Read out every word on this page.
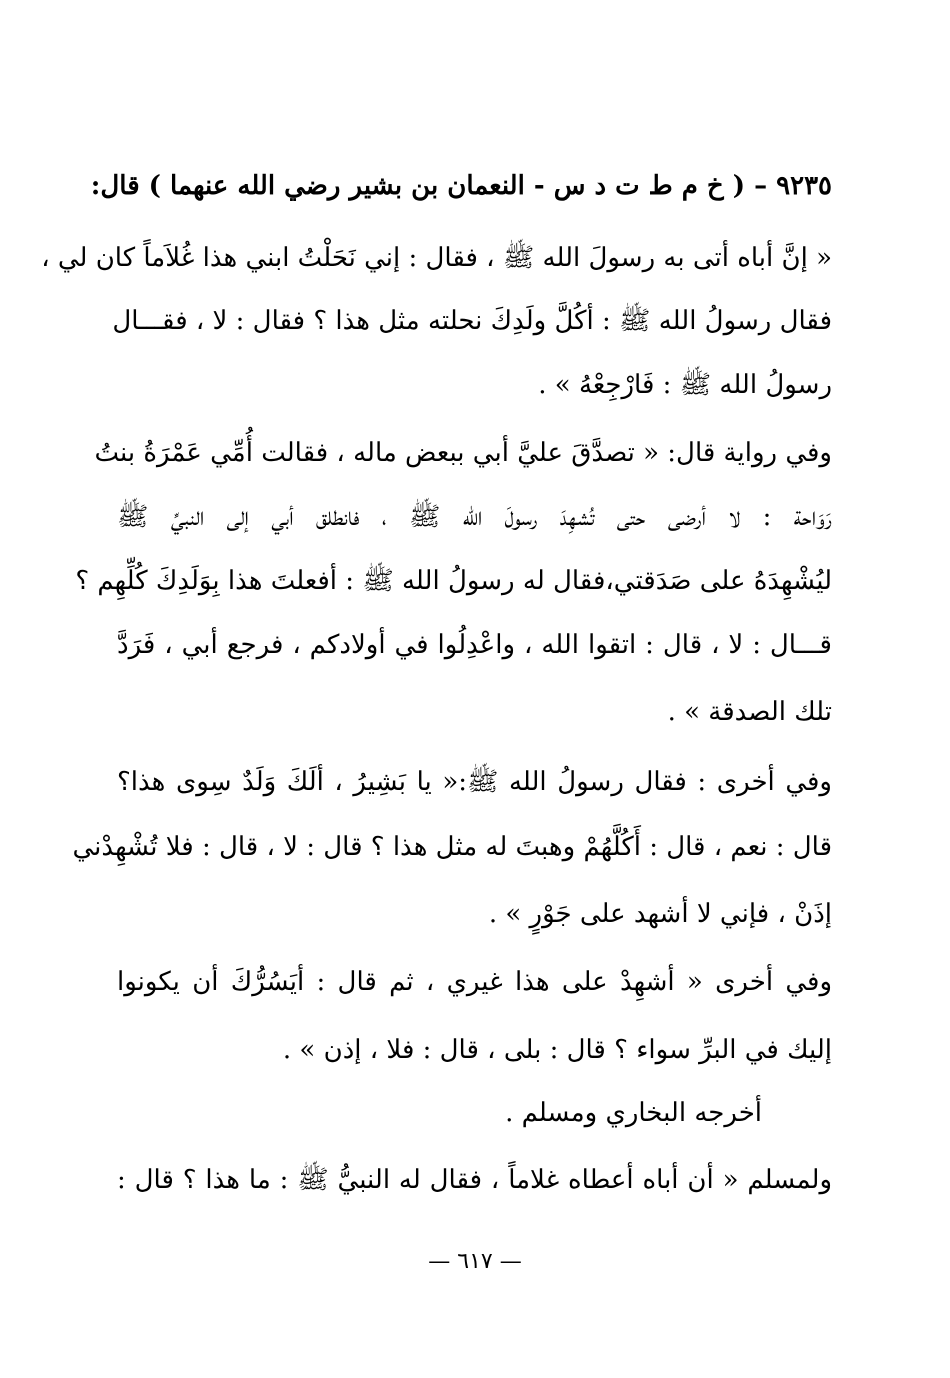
٩٢٣٥ – ( خ م ط ت د س - النعمان بن بشير رضي الله عنهما ) قال:
« إنَّ أباه أتى به رسولَ الله ﷺ ، فقال : إني نَحَلْتُ ابني هذا غُلاَماً كان لي ،
فقال رسولُ الله ﷺ : أكُلَّ ولَدِكَ نحلته مثل هذا ؟ فقال : لا ، فقـــال
رسولُ الله ﷺ : فَارْجِعْهُ » .
وفي رواية قال: « تصدَّقَ عليَّ أبي ببعض ماله ، فقالت أُمِّي عَمْرَةُ بنتُ
رَوَاحة : لا أرضى حتى تُشهِدَ رسولَ الله ﷺ ، فانطلق أبي إلى النبيِّ ﷺ
ليُشْهِدَهُ على صَدَقتي،فقال له رسولُ الله ﷺ : أفعلتَ هذا بِوَلَدِكَ كُلِّهِم ؟
قـــال : لا ، قال : اتقوا الله ، واعْدِلُوا في أولادكم ، فرجع أبي ، فَرَدَّ
تلك الصدقة » .
وفي أخرى : فقال رسولُ الله ﷺ:« يا بَشِيرُ ، ألَكَ وَلَدٌ سِوى هذا؟
قال : نعم ، قال : أَكُلَّهُمْ وهبتَ له مثل هذا ؟ قال : لا ، قال : فلا تُشْهِدْني
إذَنْ ، فإني لا أشهد على جَوْرٍ » .
وفي أخرى « أشهِدْ على هذا غيري ، ثم قال : أيَسُرُّكَ أن يكونوا
إليك في البرِّ سواء ؟ قال : بلى ، قال : فلا ، إذن » .
أخرجه البخاري ومسلم .
ولمسلم « أن أباه أعطاه غلاماً ، فقال له النبيُّ ﷺ : ما هذا ؟ قال :
— ٦١٧ —
